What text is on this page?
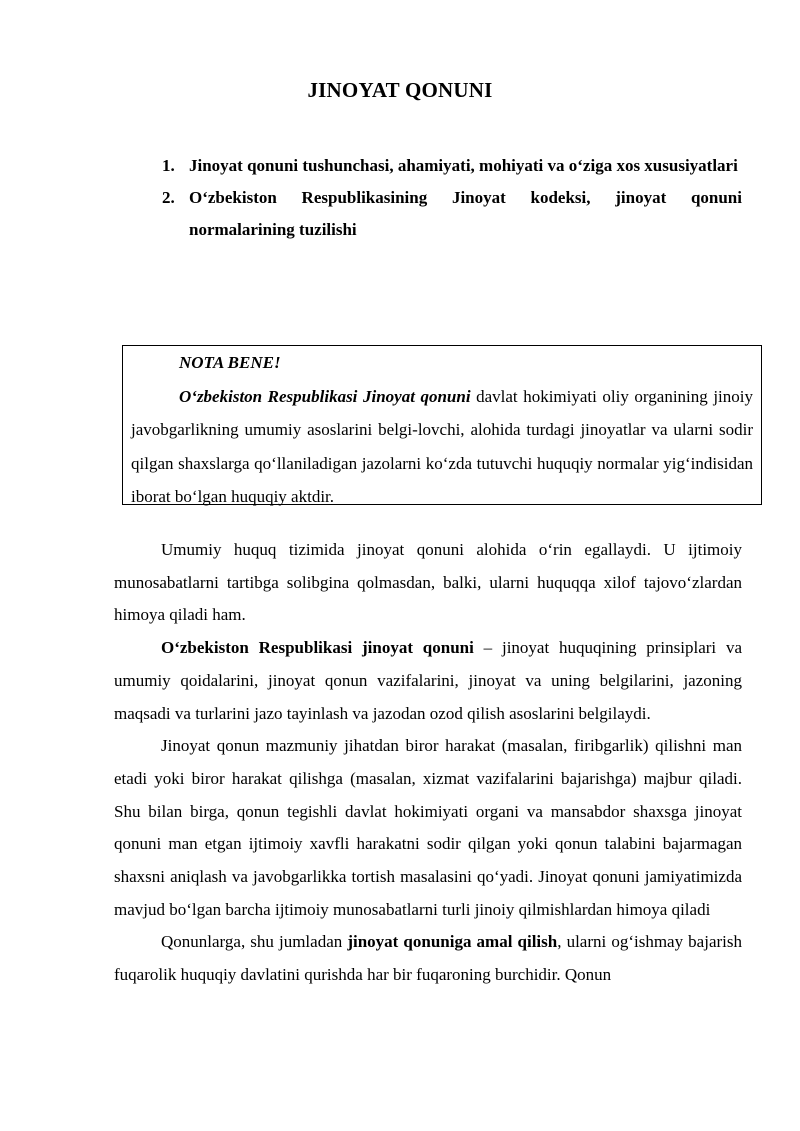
JINOYAT QONUNI
1. Jinoyat qonuni tushunchasi, ahamiyati, mohiyati va o‘ziga xos xususiyatlari
2. O‘zbekiston Respublikasining Jinoyat kodeksi, jinoyat qonuni normalarining tuzilishi
NOTA BENE!

O‘zbekiston Respublikasi Jinoyat qonuni davlat hokimiyati oliy organining jinoiy javobgarlikning umumiy asoslarini belgi-lovchi, alohida turdagi jinoyatlar va ularni sodir qilgan shaxslarga qo‘llaniladigan jazolarni ko‘zda tutuvchi huquqiy normalar yig‘indisidan iborat bo‘lgan huquqiy aktdir.

Umumiy huquq tizimida jinoyat qonuni alohida o‘rin egallaydi. U ijtimoiy munosabatlarni tartibga solibgina qolmasdan, balki, ularni huquqqa xilof tajovo‘zlardan himoya qiladi ham.

O‘zbekiston Respublikasi jinoyat qonuni – jinoyat huquqining prinsiplari va umumiy qoidalarini, jinoyat qonun vazifalarini, jinoyat va uning belgilarini, jazoning maqsadi va turlarini jazo tayinlash va jazodan ozod qilish asoslarini belgilaydi.

Jinoyat qonun mazmuniy jihatdan biror harakat (masalan, firibgarlik) qilishni man etadi yoki biror harakat qilishga (masalan, xizmat vazifalarini bajarishga) majbur qiladi. Shu bilan birga, qonun tegishli davlat hokimiyati organi va mansabdor shaxsga jinoyat qonuni man etgan ijtimoiy xavfli harakatni sodir qilgan yoki qonun talabini bajarmagan shaxsni aniqlash va javobgarlikka tortish masalasini qo‘yadi. Jinoyat qonuni jamiyatimizda mavjud bo‘lgan barcha ijtimoiy munosabatlarni turli jinoiy qilmishlardan himoya qiladi

Qonunlarga, shu jumladan jinoyat qonuniga amal qilish, ularni og‘ishmay bajarish fuqarolik huquqiy davlatini qurishda har bir fuqaroning burchidir. Qonun
